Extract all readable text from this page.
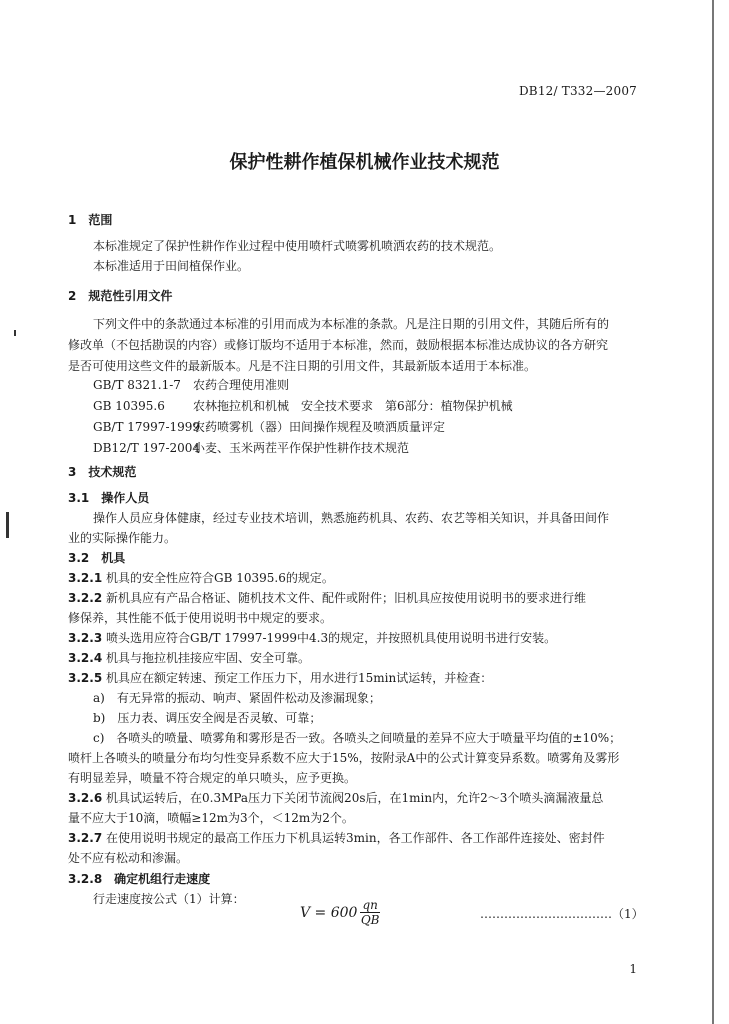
DB12/ T332—2007
保护性耕作植保机械作业技术规范
1　范围
本标准规定了保护性耕作作业过程中使用喷杆式喷雾机喷洒农药的技术规范。
本标准适用于田间植保作业。
2　规范性引用文件
下列文件中的条款通过本标准的引用而成为本标准的条款。凡是注日期的引用文件，其随后所有的
修改单（不包括勘误的内容）或修订版均不适用于本标准，然而，鼓励根据本标准达成协议的各方研究
是否可使用这些文件的最新版本。凡是不注日期的引用文件，其最新版本适用于本标准。
GB/T 8321.1-7 农药合理使用准则
GB 10395.6 农林拖拉机和机械　安全技术要求　第6部分：植物保护机械
GB/T 17997-1999农药喷雾机（器）田间操作规程及喷洒质量评定
DB12/T 197-2004小麦、玉米两茬平作保护性耕作技术规范
3　技术规范
3.1　操作人员
操作人员应身体健康，经过专业技术培训，熟悉施药机具、农药、农艺等相关知识，并具备田间作
业的实际操作能力。
3.2　机具
3.2.1 机具的安全性应符合GB 10395.6的规定。
3.2.2 新机具应有产品合格证、随机技术文件、配件或附件；旧机具应按使用说明书的要求进行维
修保养，其性能不低于使用说明书中规定的要求。
3.2.3 喷头选用应符合GB/T 17997-1999中4.3的规定，并按照机具使用说明书进行安装。
3.2.4 机具与拖拉机挂接应牢固、安全可靠。
3.2.5 机具应在额定转速、预定工作压力下，用水进行15min试运转，并检查：
a)　有无异常的振动、响声、紧固件松动及渗漏现象；
b)　压力表、调压安全阀是否灵敏、可靠；
c)　各喷头的喷量、喷雾角和雾形是否一致。各喷头之间喷量的差异不应大于喷量平均值的±10%；
喷杆上各喷头的喷量分布均匀性变异系数不应大于15%，按附录A中的公式计算变异系数。喷雾角及雾形
有明显差异，喷量不符合规定的单只喷头，应予更换。
3.2.6 机具试运转后，在0.3MPa压力下关闭节流阀20s后，在1min内，允许2～3个喷头滴漏液量总
量不应大于10滴，喷幅≥12m为3个，＜12m为2个。
3.2.7 在使用说明书规定的最高工作压力下机具运转3min，各工作部件、各工作部件连接处、密封件
处不应有松动和渗漏。
3.2.8　确定机组行走速度
行走速度按公式（1）计算：
$V = 600 \frac{qn}{QB}$	……………………………（1）
1
